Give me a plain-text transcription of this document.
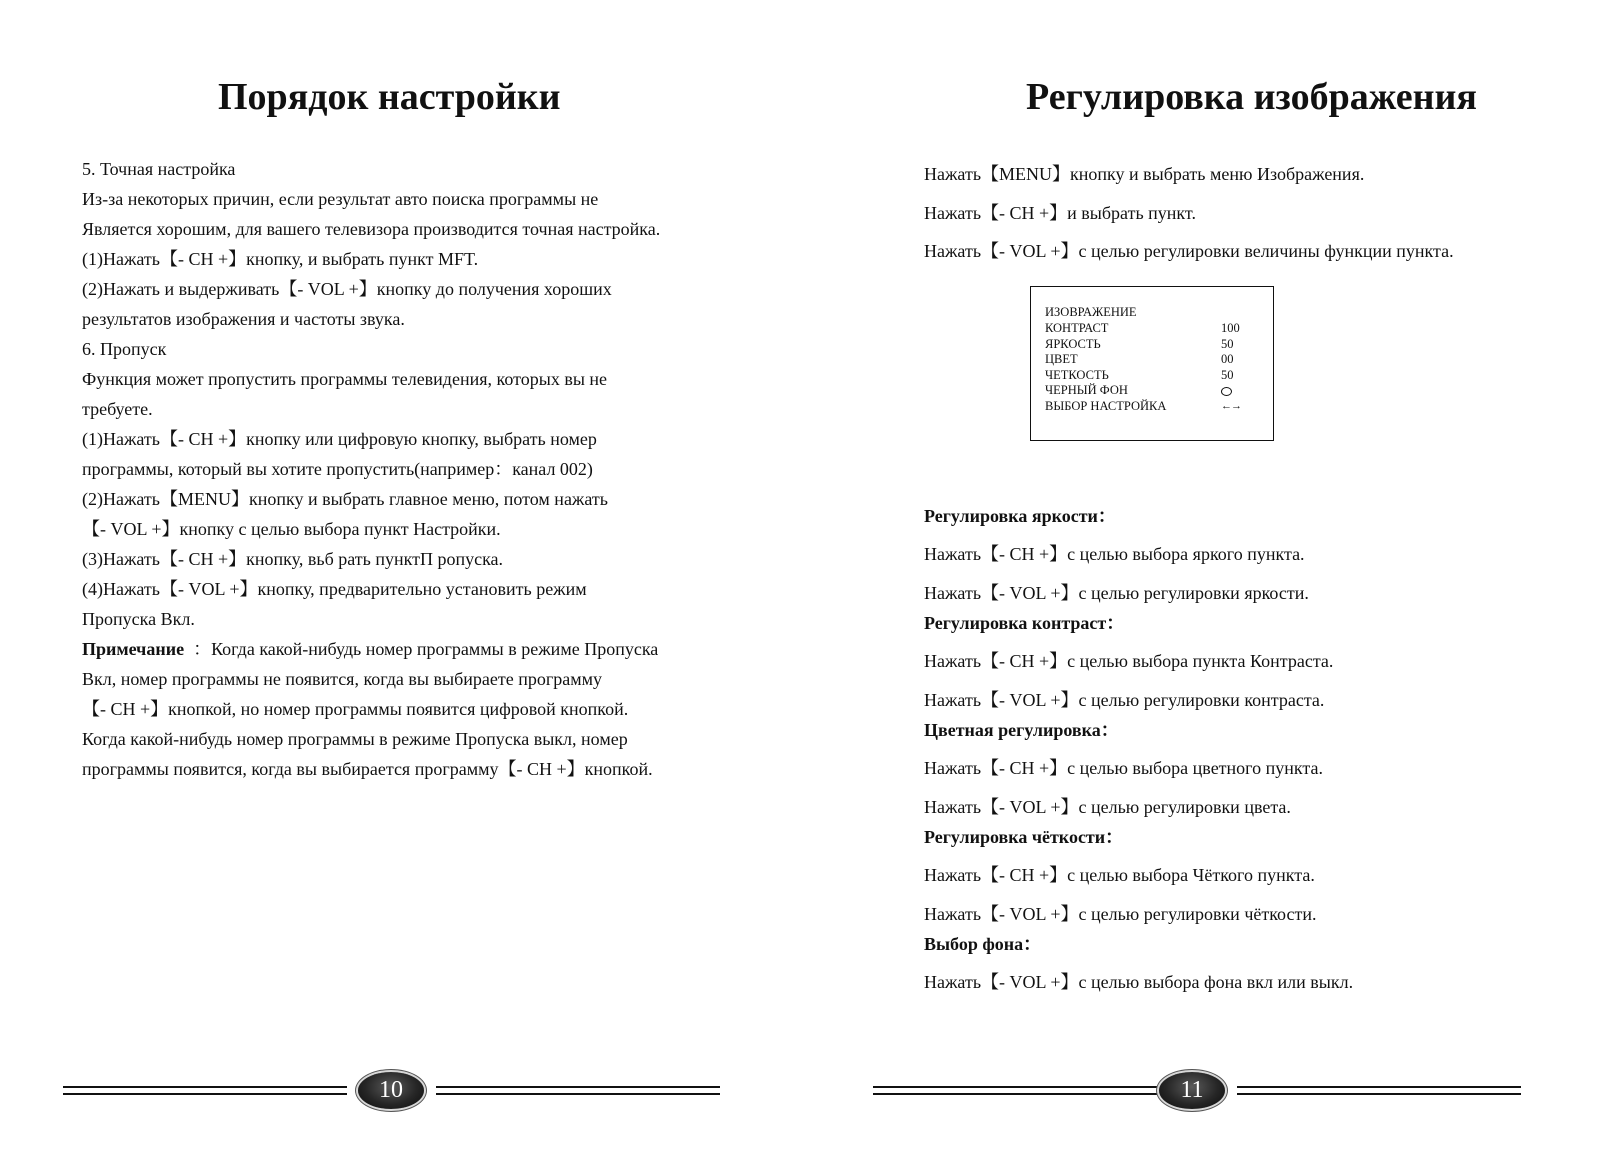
Порядок настройки
5. Точная настройка
Из-за некоторых причин, если результат авто поиска программы не
Является хорошим, для вашего телевизора производится точная настройка.
(1)Нажать【- CH +】кнопку, и выбрать пункт MFT.
(2)Нажать и выдерживать【- VOL +】кнопку до получения хороших
результатов изображения и частоты звука.
6. Пропуск
Функция может пропустить программы телевидения, которых вы не
требуете.
(1)Нажать【- CH +】кнопку или цифровую кнопку, выбрать номер
программы, который вы хотите пропустить(например：канал 002)
(2)Нажать【MENU】кнопку и выбрать главное меню, потом нажать
【- VOL +】кнопку с целью выбора пункт Настройки.
(3)Нажать【- CH +】кнопку, вьб рать пунктП ропуска.
(4)Нажать【- VOL +】кнопку, предварительно установить режим
Пропуска Вкл.
Примечание ：Когда какой-нибудь номер программы в режиме Пропуска
Вкл, номер программы не появится, когда вы выбираете программу
【- CH +】кнопкой, но номер программы появится цифровой кнопкой.
Когда какой-нибудь номер программы в режиме Пропуска выкл, номер
программы появится, когда вы выбирается программу【- CH +】кнопкой.
10
Регулировка изображения
Нажать【MENU】кнопку и выбрать меню Изображения.
Нажать【- CH +】и выбрать пункт.
Нажать【- VOL +】с целью регулировки величины функции пункта.
Регулировка яркости：
Нажать【- CH +】с целью выбора яркого пункта.
Нажать【- VOL +】с целью регулировки яркости.
Регулировка контраст：
Нажать【- CH +】с целью выбора пункта Контраста.
Нажать【- VOL +】с целью регулировки контраста.
Цветная регулировка：
Нажать【- CH +】с целью выбора цветного пункта.
Нажать【- VOL +】с целью регулировки цвета.
Регулировка чёткости：
Нажать【- CH +】с целью выбора Чёткого пункта.
Нажать【- VOL +】с целью регулировки чёткости.
Выбор фона：
Нажать【- VOL +】с целью выбора фона вкл или выкл.
ИЗОВРАЖЕНИЕ
КОНТРАСТ	100
ЯРКОСТЬ	50
ЦВЕТ	00
ЧЕТКОСТЬ	50
ЧЕРНЫЙ ФОН
ВЫБОР НАСТРОЙКА	←→
11
